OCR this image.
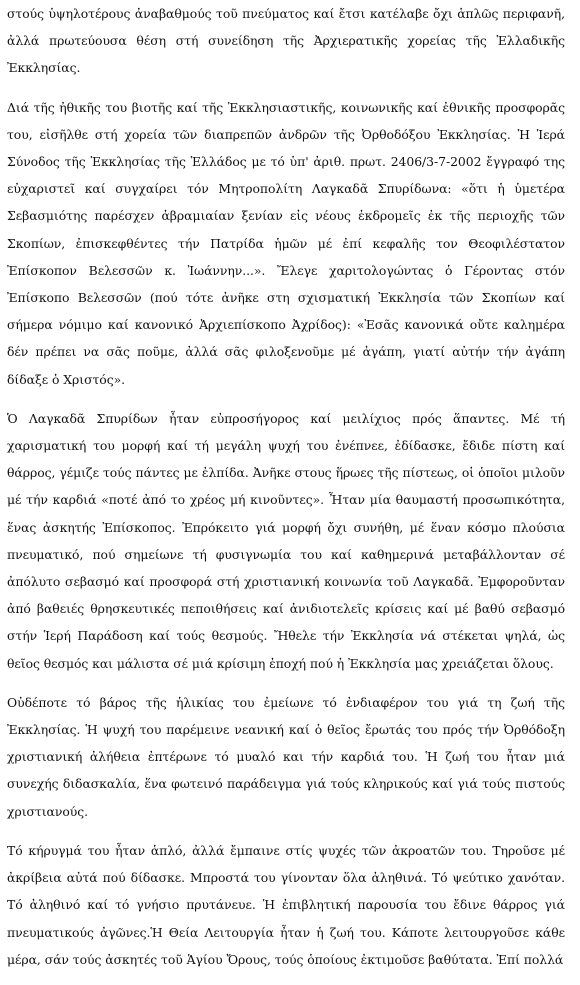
στούς ὑψηλοτέρους ἀναβαθμούς τοῦ πνεύματος καί ἔτσι κατέλαβε ὄχι ἁπλῶς περιφανῆ, ἀλλά πρωτεύουσα θέση στή συνείδηση τῆς Ἀρχιερατικῆς χορείας τῆς Ἑλλαδικῆς Ἐκκλησίας.

Διά τῆς ἠθικῆς του βιοτῆς καί τῆς Ἐκκλησιαστικῆς, κοινωνικῆς καί ἐθνικῆς προσφορᾶς του, εἰσῆλθε στή χορεία τῶν διαπρεπῶν ἀνδρῶν τῆς Ὀρθοδόξου Ἐκκλησίας. Ἡ Ἱερά Σύνοδος τῆς Ἐκκλησίας τῆς Ἑλλάδος με τό ὑπ' ἀριθ. πρωτ. 2406/3-7-2002 ἔγγραφό της εὐχαριστεῖ καί συγχαίρει τόν Μητροπολίτη Λαγκαδᾶ Σπυρίδωνα: «ὅτι ἡ ὑμετέρα Σεβασμιότης παρέσχεν ἀβραμιαίαν ξενίαν εἰς νέους ἐκδρομεῖς ἐκ τῆς περιοχῆς τῶν Σκοπίων, ἐπισκεφθέντες τήν Πατρίδα ἡμῶν μέ ἐπί κεφαλῆς τον Θεοφιλέστατον Ἐπίσκοπον Βελεσσῶν κ. Ἰωάννην...». Ἔλεγε χαριτολογώντας ὁ Γέροντας στόν Ἐπίσκοπο Βελεσσῶν (πού τότε ἀνῆκε στη σχισματική Ἐκκλησία τῶν Σκοπίων καί σήμερα νόμιμο καί κανονικό Ἀρχιεπίσκοπο Ἀχρίδος): «Ἐσᾶς κανονικά οὔτε καλημέρα δέν πρέπει να σᾶς ποῦμε, ἀλλά σᾶς φιλοξενοῦμε μέ ἀγάπη, γιατί αὐτήν τήν ἀγάπη δίδαξε ὁ Χριστός».

Ὁ Λαγκαδᾶ Σπυρίδων ἦταν εὐπροσήγορος καί μειλίχιος πρός ἅπαντες. Μέ τή χαρισματική του μορφή καί τή μεγάλη ψυχή του ἐνέπνεε, ἐδίδασκε, ἔδιδε πίστη καί θάρρος, γέμιζε τούς πάντες με ἐλπίδα. Ἀνῆκε στους ἥρωες τῆς πίστεως, οἱ ὁποῖοι μιλοῦν μέ τήν καρδιά «ποτέ ἀπό το χρέος μή κινοῦντες». Ἦταν μία θαυμαστή προσωπικότητα, ἕνας ἀσκητής Ἐπίσκοπος. Ἐπρόκειτο γιά μορφή ὄχι συνήθη, μέ ἕναν κόσμο πλούσια πνευματικό, πού σημείωνε τή φυσιγνωμία του καί καθημερινά μεταβάλλονταν σέ ἀπόλυτο σεβασμό καί προσφορά στή χριστιανική κοινωνία τοῦ Λαγκαδᾶ. Ἐμφοροῦνταν ἀπό βαθειές θρησκευτικές πεποιθήσεις καί ἀνιδιοτελεῖς κρίσεις καί μέ βαθύ σεβασμό στήν Ἱερή Παράδοση καί τούς θεσμούς. Ἤθελε τήν Ἐκκλησία νά στέκεται ψηλά, ὡς θεῖος θεσμός και μάλιστα σέ μιά κρίσιμη ἐποχή πού ἡ Ἐκκλησία μας χρειάζεται ὅλους.

Οὐδέποτε τό βάρος τῆς ἡλικίας του ἐμείωνε τό ἐνδιαφέρον του γιά τη ζωή τῆς Ἐκκλησίας. Ἡ ψυχή του παρέμεινε νεανική καί ὁ θεῖος ἔρωτάς του πρός τήν Ὀρθόδοξη χριστιανική ἀλήθεια ἐπτέρωνε τό μυαλό και τήν καρδιά του. Ἡ ζωή του ἦταν μιά συνεχής διδασκαλία, ἕνα φωτεινό παράδειγμα γιά τούς κληρικούς καί γιά τούς πιστούς χριστιανούς.

Τό κήρυγμά του ἦταν ἁπλό, ἀλλά ἔμπαινε στίς ψυχές τῶν ἀκροατῶν του. Τηροῦσε μέ ἀκρίβεια αὐτά πού δίδασκε. Μπροστά του γίνονταν ὅλα ἀληθινά. Τό ψεύτικο χανόταν. Τό ἀληθινό καί τό γνήσιο πρυτάνευε. Ἡ ἐπιβλητική παρουσία του ἔδινε θάρρος γιά πνευματικούς ἀγῶνες.Ἡ Θεία Λειτουργία ἦταν ἡ ζωή του. Κάποτε λειτουργοῦσε κάθε μέρα, σάν τούς ἀσκητές τοῦ Ἁγίου Ὄρους, τούς ὁποίους ἐκτιμοῦσε βαθύτατα. Ἐπί πολλά
